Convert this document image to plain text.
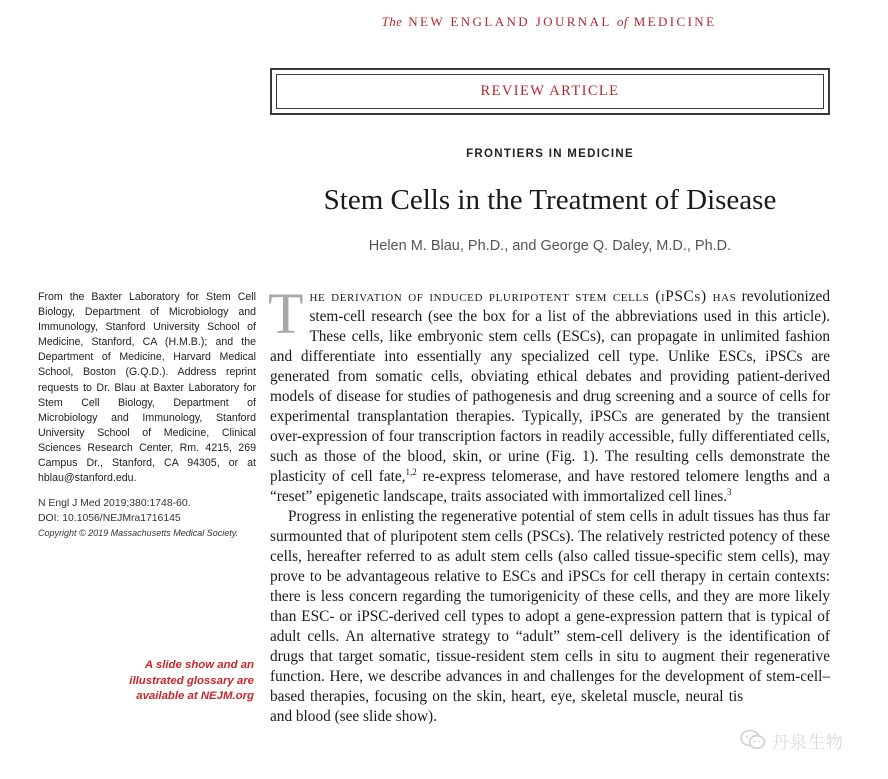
The NEW ENGLAND JOURNAL of MEDICINE
REVIEW ARTICLE
FRONTIERS IN MEDICINE
Stem Cells in the Treatment of Disease
Helen M. Blau, Ph.D., and George Q. Daley, M.D., Ph.D.
From the Baxter Laboratory for Stem Cell Biology, Department of Microbiology and Immunology, Stanford University School of Medicine, Stanford, CA (H.M.B.); and the Department of Medicine, Harvard Medical School, Boston (G.Q.D.). Address reprint requests to Dr. Blau at Baxter Laboratory for Stem Cell Biology, Department of Microbiology and Immunology, Stanford University School of Medicine, Clinical Sciences Research Center, Rm. 4215, 269 Campus Dr., Stanford, CA 94305, or at hblau@stanford.edu.
N Engl J Med 2019;380:1748-60.
DOI: 10.1056/NEJMra1716145
Copyright © 2019 Massachusetts Medical Society.
A slide show and an illustrated glossary are available at NEJM.org

The derivation of induced pluripotent stem cells (iPSCs) has revolutionized stem-cell research (see the box for a list of the abbreviations used in this article). These cells, like embryonic stem cells (ESCs), can propagate in unlimited fashion and differentiate into essentially any specialized cell type. Unlike ESCs, iPSCs are generated from somatic cells, obviating ethical debates and providing patient-derived models of disease for studies of pathogenesis and drug screening and a source of cells for experimental transplantation therapies. Typically, iPSCs are generated by the transient over-expression of four transcription factors in readily accessible, fully differentiated cells, such as those of the blood, skin, or urine (Fig. 1). The resulting cells demonstrate the plasticity of cell fate,$^{1,2}$ re-express telomerase, and have restored telomere lengths and a “reset” epigenetic landscape, traits associated with immortalized cell lines.$^3$

Progress in enlisting the regenerative potential of stem cells in adult tissues has thus far surmounted that of pluripotent stem cells (PSCs). The relatively restricted potency of these cells, hereafter referred to as adult stem cells (also called tissue-specific stem cells), may prove to be advantageous relative to ESCs and iPSCs for cell therapy in certain contexts: there is less concern regarding the tumorigenicity of these cells, and they are more likely than ESC- or iPSC-derived cell types to adopt a gene-expression pattern that is typical of adult cells. An alternative strategy to “adult” stem-cell delivery is the identification of drugs that target somatic, tissue-resident stem cells in situ to augment their regenerative function. Here, we describe advances in and challenges for the development of stem-cell–based therapies, focusing on the skin, heart, eye, skeletal muscle, neural tis and blood (see slide show).

丹泉生物
